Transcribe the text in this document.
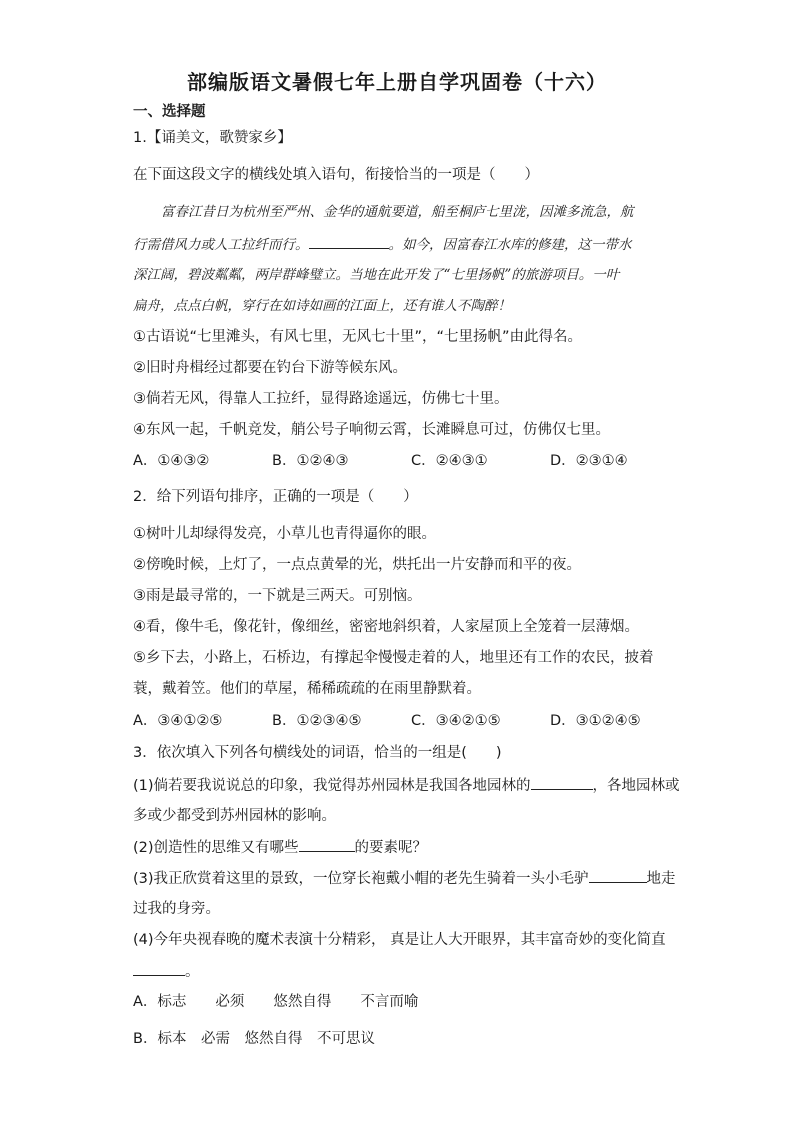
部编版语文暑假七年上册自学巩固卷（十六）
一、选择题
1.【诵美文，歌赞家乡】
在下面这段文字的横线处填入语句，衔接恰当的一项是（　　）
富春江昔日为杭州至严州、金华的通航要道，船至桐庐七里泷，因滩多流急，航
行需借风力或人工拉纤而行。	。如今，因富春江水库的修建，这一带水
深江阔，碧波粼粼，两岸群峰璧立。当地在此开发了“七里扬帆”的旅游项目。一叶
扁舟，点点白帆，穿行在如诗如画的江面上，还有谁人不陶醉！
①古语说“七里滩头，有风七里，无风七十里”，“七里扬帆”由此得名。
②旧时舟楫经过都要在钓台下游等候东风。
③倘若无风，得靠人工拉纤，显得路途遥远，仿佛七十里。
④东风一起，千帆竞发，艄公号子响彻云霄，长滩瞬息可过，仿佛仅七里。
A．①④③②	B．①②④③	C．②④③①	D．②③①④
2．给下列语句排序，正确的一项是（　　）
①树叶儿却绿得发亮，小草儿也青得逼你的眼。
②傍晚时候，上灯了，一点点黄晕的光，烘托出一片安静而和平的夜。
③雨是最寻常的，一下就是三两天。可别恼。
④看，像牛毛，像花针，像细丝，密密地斜织着，人家屋顶上全笼着一层薄烟。
⑤乡下去，小路上，石桥边，有撑起伞慢慢走着的人，地里还有工作的农民，披着
蓑，戴着笠。他们的草屋，稀稀疏疏的在雨里静默着。
A．③④①②⑤	B．①②③④⑤	C．③④②①⑤	D．③①②④⑤
3．依次填入下列各句横线处的词语，恰当的一组是(　　)
(1)倘若要我说说总的印象，我觉得苏州园林是我国各地园林的	，各地园林或
多或少都受到苏州园林的影响。
(2)创造性的思维又有哪些	的要素呢？
(3)我正欣赏着这里的景致，一位穿长袍戴小帽的老先生骑着一头小毛驴	地走
过我的身旁。
(4)今年央视春晚的魔术表演十分精彩， 真是让人大开眼界，其丰富奇妙的变化简直
。
A．标志　　必须　　悠然自得　　不言而喻
B．标本　必需　悠然自得　不可思议
